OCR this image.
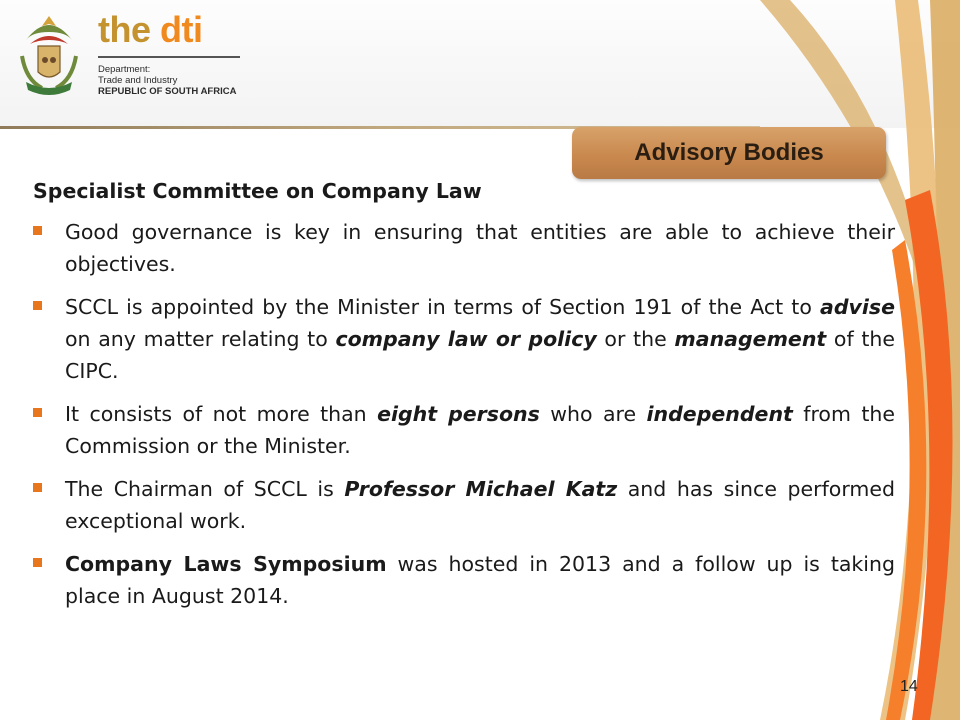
the dti
Department:
Trade and Industry
REPUBLIC OF SOUTH AFRICA
Advisory Bodies
Specialist Committee on Company Law
Good governance is key in ensuring that entities are able to achieve their objectives.
SCCL is appointed by the Minister in terms of Section 191 of the Act to advise on any matter relating to company law or policy or the management of the CIPC.
It consists of not more than eight persons who are independent from the Commission or the Minister.
The Chairman of SCCL is Professor Michael Katz and has since performed exceptional work.
Company Laws Symposium was hosted in 2013 and a follow up is taking place in August 2014.
14
